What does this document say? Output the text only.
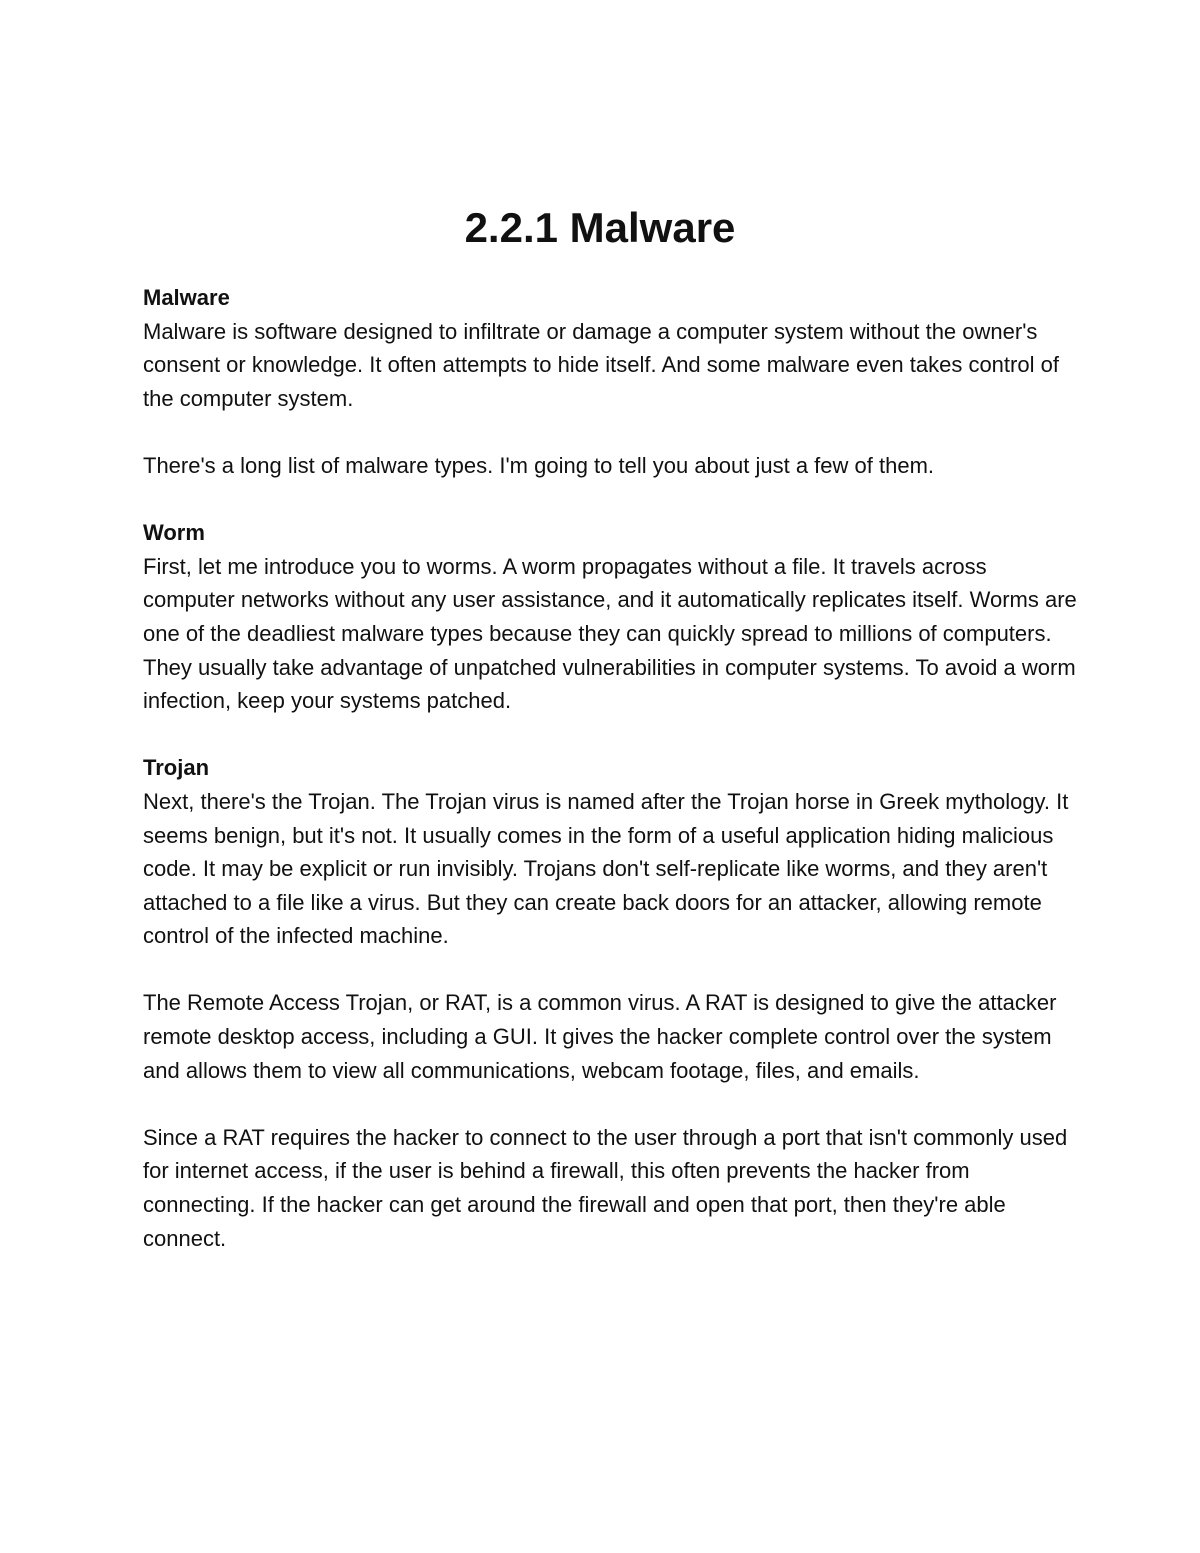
2.2.1 Malware

Malware

Malware is software designed to infiltrate or damage a computer system without the owner's consent or knowledge. It often attempts to hide itself. And some malware even takes control of the computer system.

There's a long list of malware types. I'm going to tell you about just a few of them.

Worm

First, let me introduce you to worms. A worm propagates without a file. It travels across computer networks without any user assistance, and it automatically replicates itself. Worms are one of the deadliest malware types because they can quickly spread to millions of computers. They usually take advantage of unpatched vulnerabilities in computer systems. To avoid a worm infection, keep your systems patched.

Trojan

Next, there's the Trojan. The Trojan virus is named after the Trojan horse in Greek mythology. It seems benign, but it's not. It usually comes in the form of a useful application hiding malicious code. It may be explicit or run invisibly. Trojans don't self-replicate like worms, and they aren't attached to a file like a virus. But they can create back doors for an attacker, allowing remote control of the infected machine.

The Remote Access Trojan, or RAT, is a common virus. A RAT is designed to give the attacker remote desktop access, including a GUI. It gives the hacker complete control over the system and allows them to view all communications, webcam footage, files, and emails.

Since a RAT requires the hacker to connect to the user through a port that isn't commonly used for internet access, if the user is behind a firewall, this often prevents the hacker from connecting. If the hacker can get around the firewall and open that port, then they're able connect.
